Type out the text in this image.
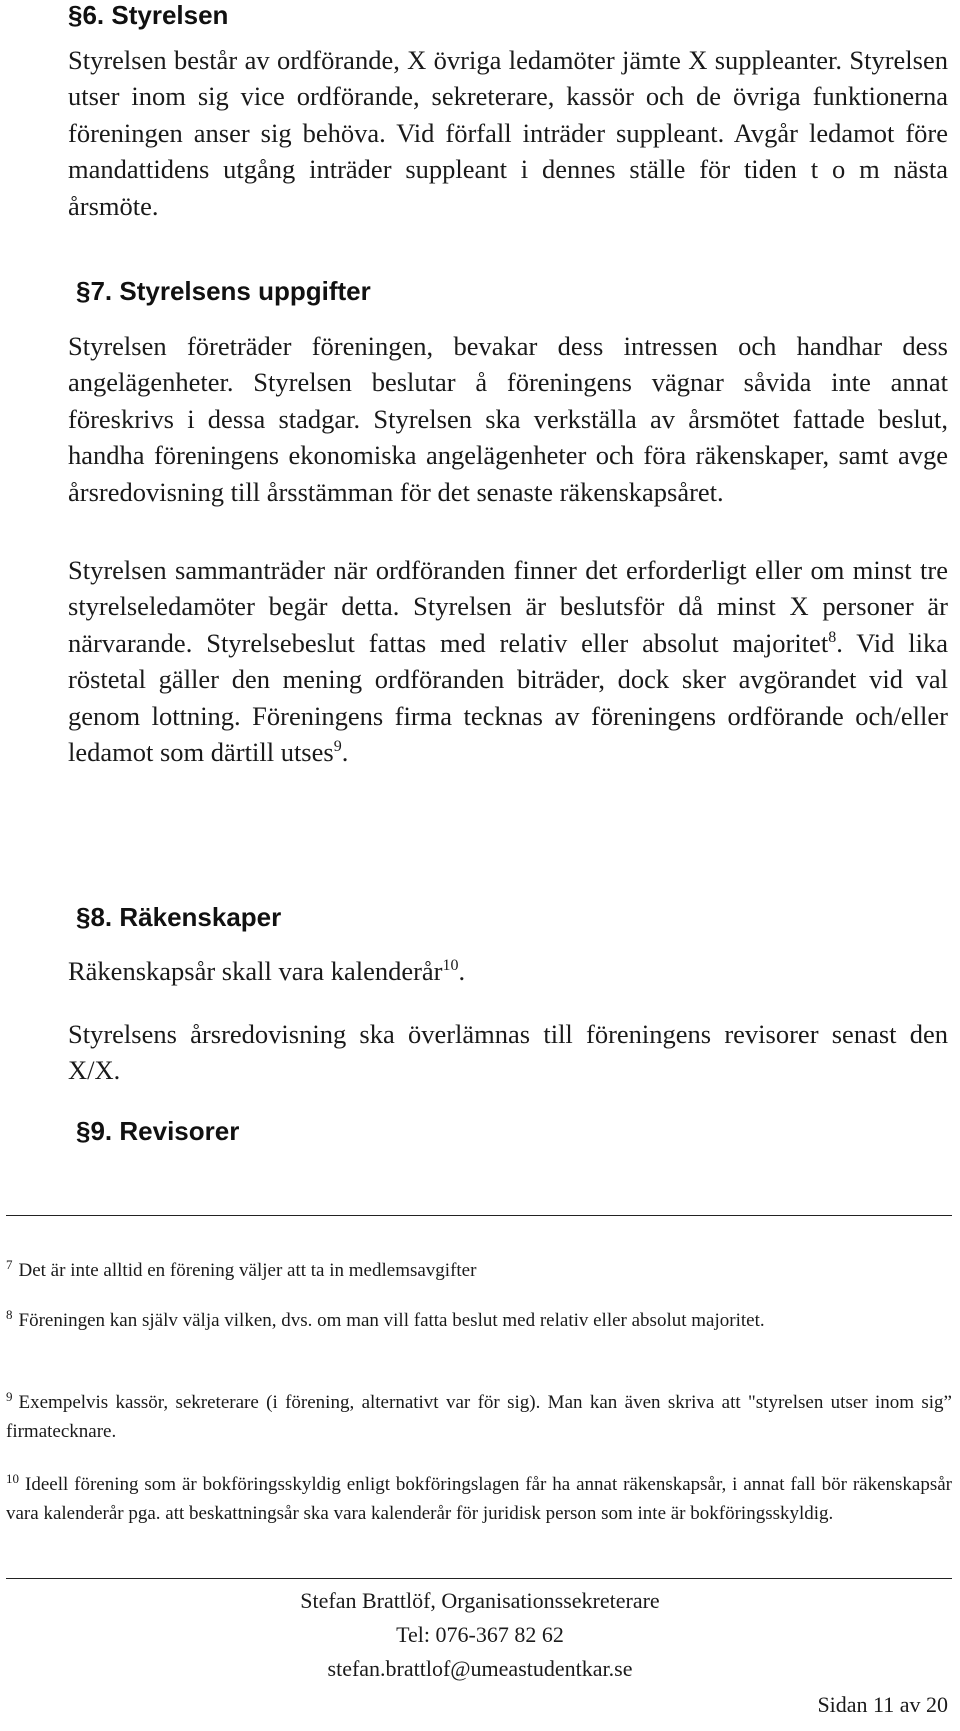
§6. Styrelsen

Styrelsen består av ordförande, X övriga ledamöter jämte X suppleanter. Styrelsen utser inom sig vice ordförande, sekreterare, kassör och de övriga funktionerna föreningen anser sig behöva. Vid förfall inträder suppleant. Avgår ledamot före mandattidens utgång inträder suppleant i dennes ställe för tiden t o m nästa årsmöte.

§7. Styrelsens uppgifter

Styrelsen företräder föreningen, bevakar dess intressen och handhar dess angelägenheter. Styrelsen beslutar å föreningens vägnar såvida inte annat föreskrivs i dessa stadgar. Styrelsen ska verkställa av årsmötet fattade beslut, handha föreningens ekonomiska angelägenheter och föra räkenskaper, samt avge årsredovisning till årsstämman för det senaste räkenskapsåret.

Styrelsen sammanträder när ordföranden finner det erforderligt eller om minst tre styrelseledamöter begär detta. Styrelsen är beslutsför då minst X personer är närvarande. Styrelsebeslut fattas med relativ eller absolut majoritet$^8$. Vid lika röstetal gäller den mening ordföranden biträder, dock sker avgörandet vid val genom lottning. Föreningens firma tecknas av föreningens ordförande och/eller ledamot som därtill utses$^9$.

§8. Räkenskaper

Räkenskapsår skall vara kalenderår$^{10}$.

Styrelsens årsredovisning ska överlämnas till föreningens revisorer senast den X/X.

§9. Revisorer

$^7$ Det är inte alltid en förening väljer att ta in medlemsavgifter

$^8$ Föreningen kan själv välja vilken, dvs. om man vill fatta beslut med relativ eller absolut majoritet.

$^9$ Exempelvis kassör, sekreterare (i förening, alternativt var för sig). Man kan även skriva att "styrelsen utser inom sig” firmatecknare.

$^{10}$ Ideell förening som är bokföringsskyldig enligt bokföringslagen får ha annat räkenskapsår, i annat fall bör räkenskapsår vara kalenderår pga. att beskattningsår ska vara kalenderår för juridisk person som inte är bokföringsskyldig.

Stefan Brattlöf, Organisationssekreterare
Tel: 076-367 82 62
stefan.brattlof@umeastudentkar.se
Sidan 11 av 20
